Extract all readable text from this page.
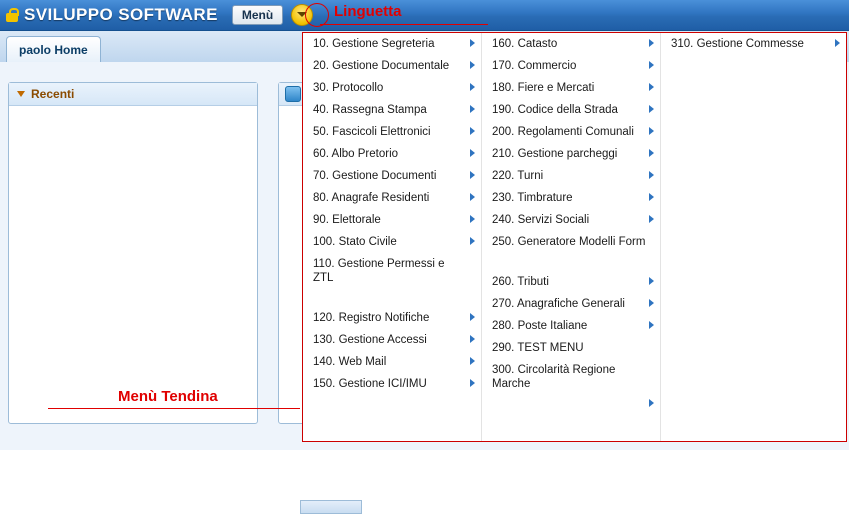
SVILUPPO SOFTWARE	Menù
paolo Home
Recenti
10. Gestione Segreteria
20. Gestione Documentale
30. Protocollo
40. Rassegna Stampa
50. Fascicoli Elettronici
60. Albo Pretorio
70. Gestione Documenti
80. Anagrafe Residenti
90. Elettorale
100. Stato Civile
110. Gestione Permessi e ZTL
120. Registro Notifiche
130. Gestione Accessi
140. Web Mail
150. Gestione ICI/IMU
160. Catasto
170. Commercio
180. Fiere e Mercati
190. Codice della Strada
200. Regolamenti Comunali
210. Gestione parcheggi
220. Turni
230. Timbrature
240. Servizi Sociali
250. Generatore Modelli Form
260. Tributi
270. Anagrafiche Generali
280. Poste Italiane
290. TEST MENU
300. Circolarità Regione Marche
310. Gestione Commesse
Linguetta
Menù Tendina
